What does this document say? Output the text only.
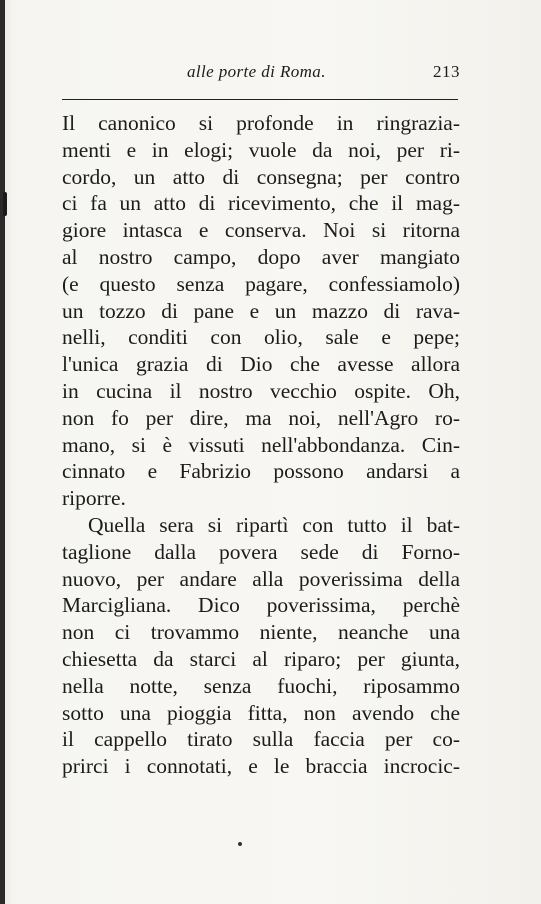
alle porte di Roma.	213
Il canonico si profonde in ringrazia-
menti e in elogi; vuole da noi, per ri-
cordo, un atto di consegna; per contro
ci fa un atto di ricevimento, che il mag-
giore intasca e conserva. Noi si ritorna
al nostro campo, dopo aver mangiato
(e questo senza pagare, confessiamolo)
un tozzo di pane e un mazzo di rava-
nelli, conditi con olio, sale e pepe;
l'unica grazia di Dio che avesse allora
in cucina il nostro vecchio ospite. Oh,
non fo per dire, ma noi, nell'Agro ro-
mano, si è vissuti nell'abbondanza. Cin-
cinnato e Fabrizio possono andarsi a
riporre.
Quella sera si ripartì con tutto il bat-
taglione dalla povera sede di Forno-
nuovo, per andare alla poverissima della
Marcigliana. Dico poverissima, perchè
non ci trovammo niente, neanche una
chiesetta da starci al riparo; per giunta,
nella notte, senza fuochi, riposammo
sotto una pioggia fitta, non avendo che
il cappello tirato sulla faccia per co-
prirci i connotati, e le braccia incrocic-
